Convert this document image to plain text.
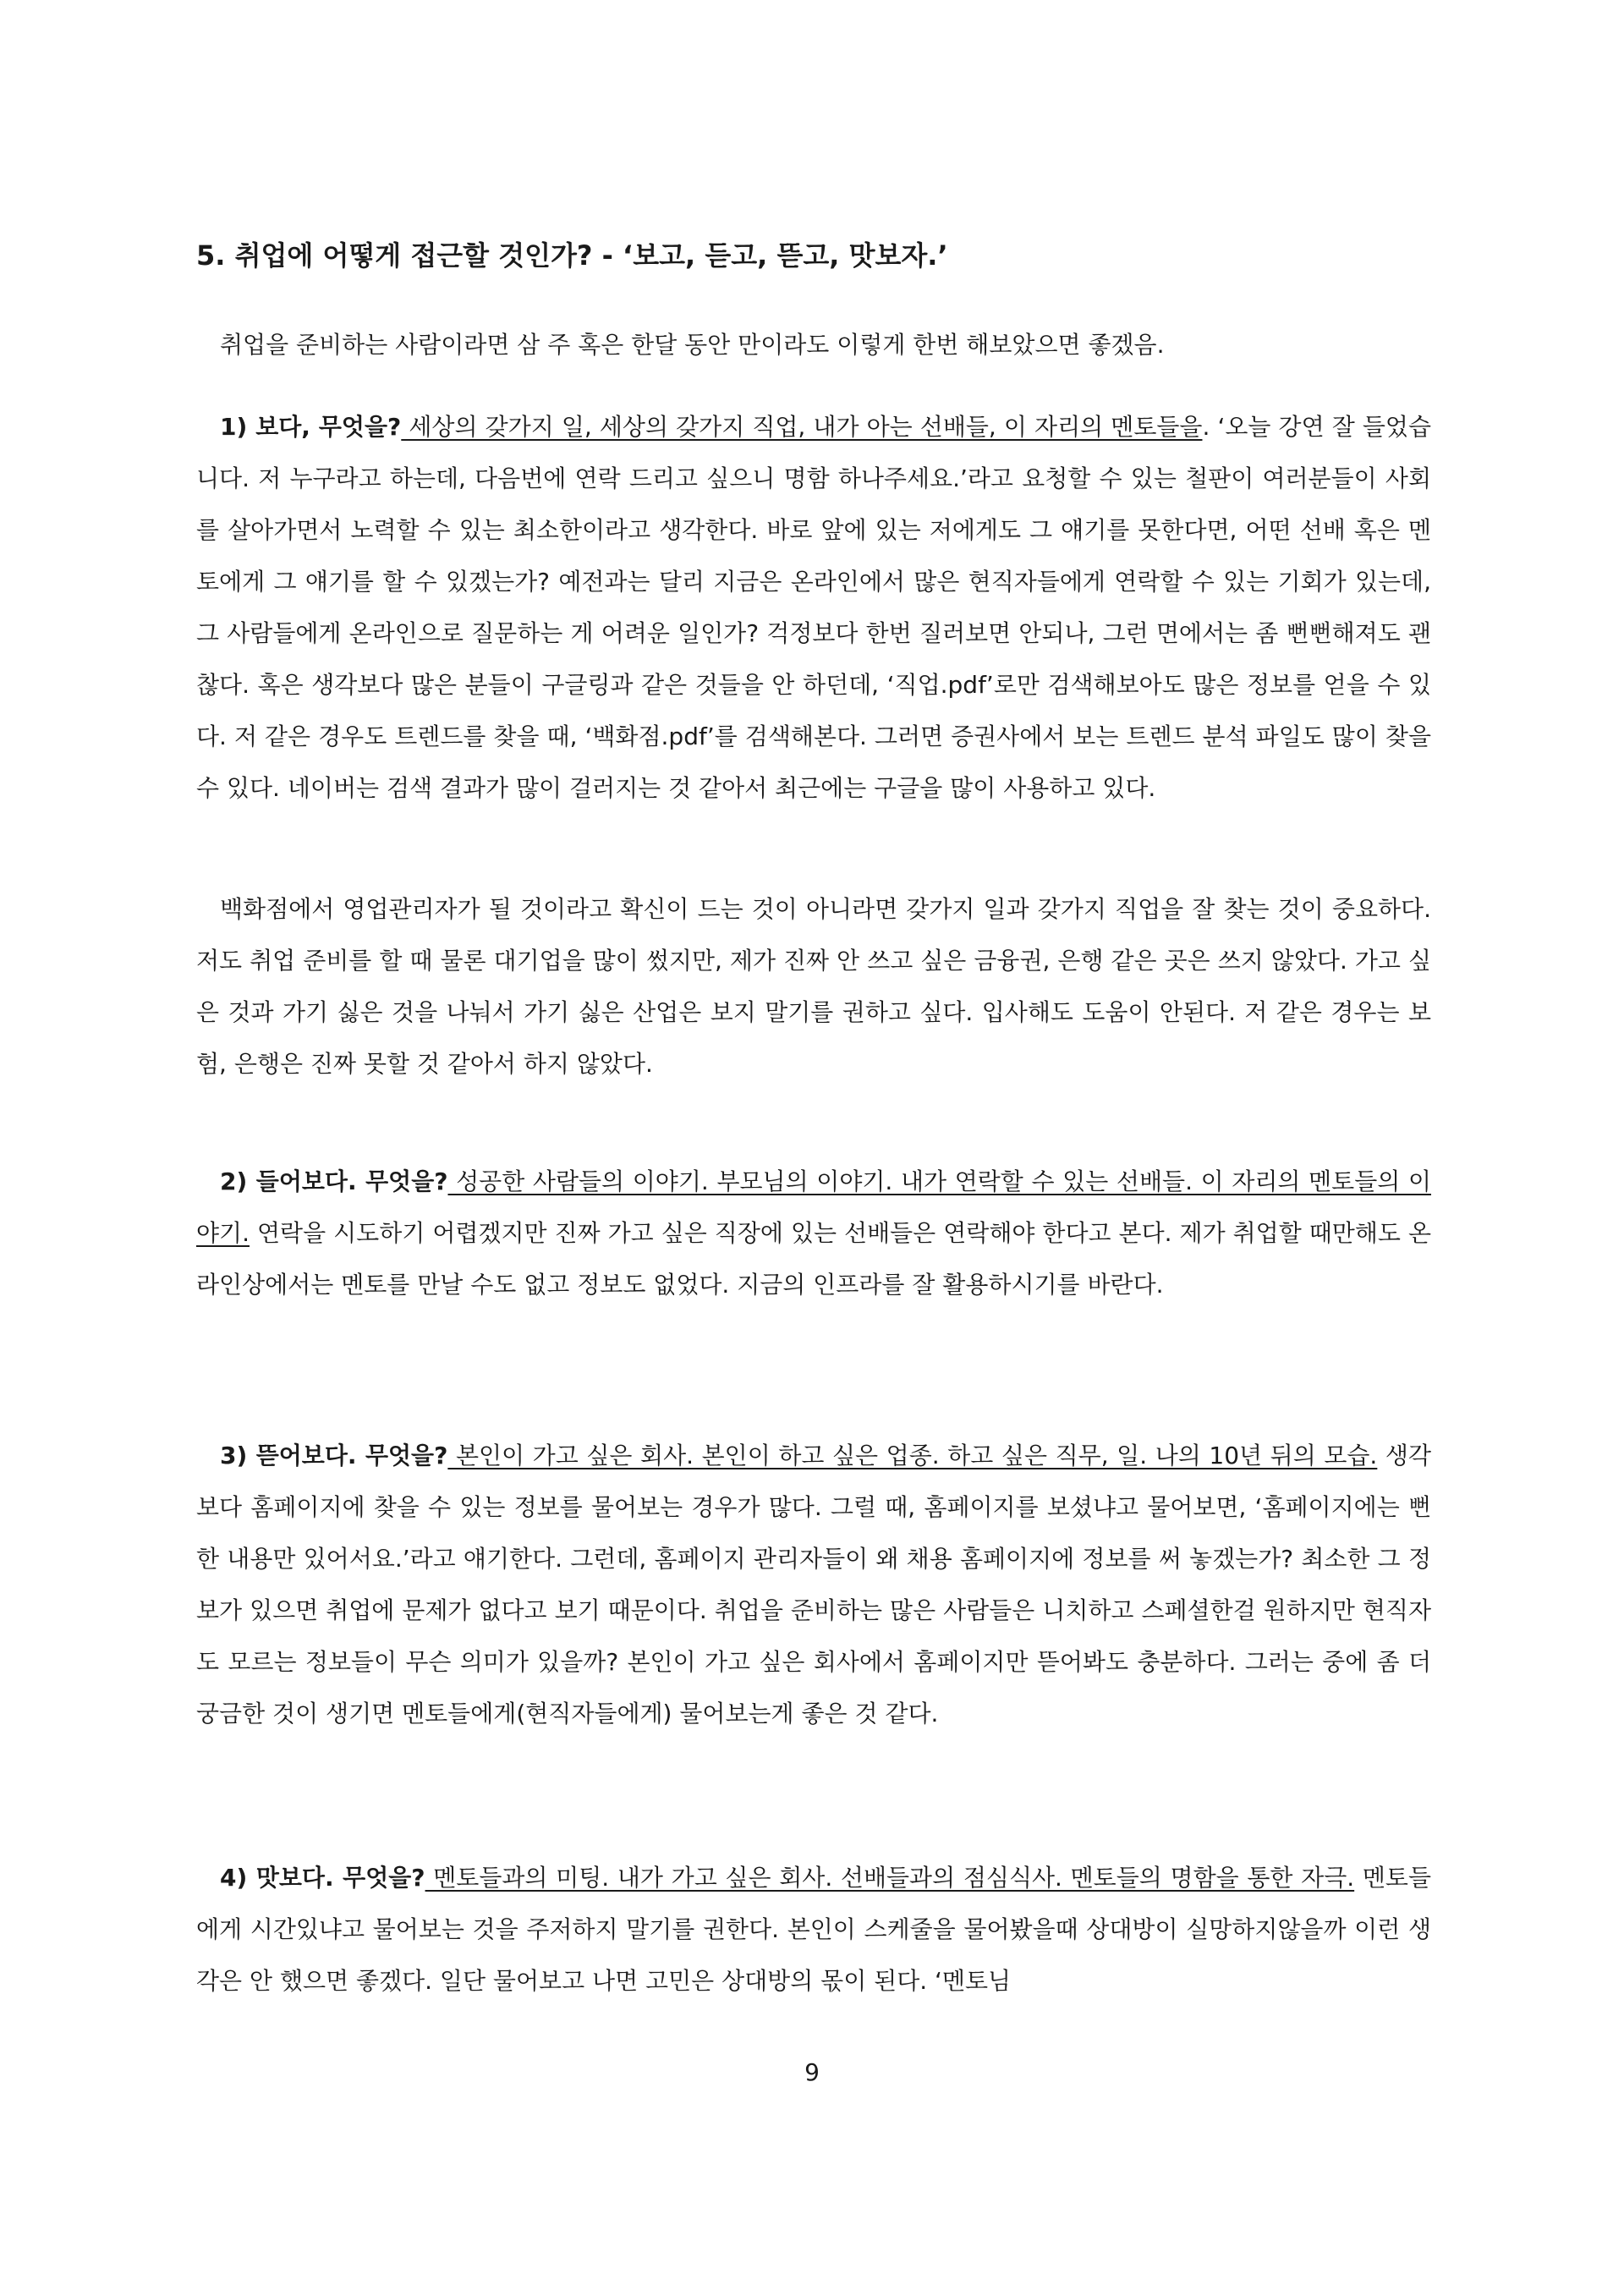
5. 취업에 어떻게 접근할 것인가? - ‘보고, 듣고, 뜯고, 맛보자.’
취업을 준비하는 사람이라면 삼 주 혹은 한달 동안 만이라도 이렇게 한번 해보았으면 좋겠음.
1) 보다, 무엇을? 세상의 갖가지 일, 세상의 갖가지 직업, 내가 아는 선배들, 이 자리의 멘토들을. ‘오늘 강연 잘 들었습니다. 저 누구라고 하는데, 다음번에 연락 드리고 싶으니 명함 하나주세요.’라고 요청할 수 있는 철판이 여러분들이 사회를 살아가면서 노력할 수 있는 최소한이라고 생각한다. 바로 앞에 있는 저에게도 그 얘기를 못한다면, 어떤 선배 혹은 멘토에게 그 얘기를 할 수 있겠는가? 예전과는 달리 지금은 온라인에서 많은 현직자들에게 연락할 수 있는 기회가 있는데, 그 사람들에게 온라인으로 질문하는 게 어려운 일인가? 걱정보다 한번 질러보면 안되나, 그런 면에서는 좀 뻔뻔해져도 괜찮다. 혹은 생각보다 많은 분들이 구글링과 같은 것들을 안 하던데, ‘직업.pdf’로만 검색해보아도 많은 정보를 얻을 수 있다. 저 같은 경우도 트렌드를 찾을 때, ‘백화점.pdf’를 검색해본다. 그러면 증권사에서 보는 트렌드 분석 파일도 많이 찾을 수 있다. 네이버는 검색 결과가 많이 걸러지는 것 같아서 최근에는 구글을 많이 사용하고 있다.
백화점에서 영업관리자가 될 것이라고 확신이 드는 것이 아니라면 갖가지 일과 갖가지 직업을 잘 찾는 것이 중요하다. 저도 취업 준비를 할 때 물론 대기업을 많이 썼지만, 제가 진짜 안 쓰고 싶은 금융권, 은행 같은 곳은 쓰지 않았다. 가고 싶은 것과 가기 싫은 것을 나눠서 가기 싫은 산업은 보지 말기를 권하고 싶다. 입사해도 도움이 안된다. 저 같은 경우는 보험, 은행은 진짜 못할 것 같아서 하지 않았다.
2) 들어보다. 무엇을? 성공한 사람들의 이야기. 부모님의 이야기. 내가 연락할 수 있는 선배들. 이 자리의 멘토들의 이야기. 연락을 시도하기 어렵겠지만 진짜 가고 싶은 직장에 있는 선배들은 연락해야 한다고 본다. 제가 취업할 때만해도 온라인상에서는 멘토를 만날 수도 없고 정보도 없었다. 지금의 인프라를 잘 활용하시기를 바란다.
3) 뜯어보다. 무엇을? 본인이 가고 싶은 회사. 본인이 하고 싶은 업종. 하고 싶은 직무, 일. 나의 10년 뒤의 모습. 생각보다 홈페이지에 찾을 수 있는 정보를 물어보는 경우가 많다. 그럴 때, 홈페이지를 보셨냐고 물어보면, ‘홈페이지에는 뻔한 내용만 있어서요.’라고 얘기한다. 그런데, 홈페이지 관리자들이 왜 채용 홈페이지에 정보를 써 놓겠는가? 최소한 그 정보가 있으면 취업에 문제가 없다고 보기 때문이다. 취업을 준비하는 많은 사람들은 니치하고 스페셜한걸 원하지만 현직자도 모르는 정보들이 무슨 의미가 있을까? 본인이 가고 싶은 회사에서 홈페이지만 뜯어봐도 충분하다. 그러는 중에 좀 더 궁금한 것이 생기면 멘토들에게(현직자들에게) 물어보는게 좋은 것 같다.
4) 맛보다. 무엇을? 멘토들과의 미팅. 내가 가고 싶은 회사. 선배들과의 점심식사. 멘토들의 명함을 통한 자극. 멘토들에게 시간있냐고 물어보는 것을 주저하지 말기를 권한다. 본인이 스케줄을 물어봤을때 상대방이 실망하지않을까 이런 생각은 안 했으면 좋겠다. 일단 물어보고 나면 고민은 상대방의 몫이 된다. ‘멘토님
9
